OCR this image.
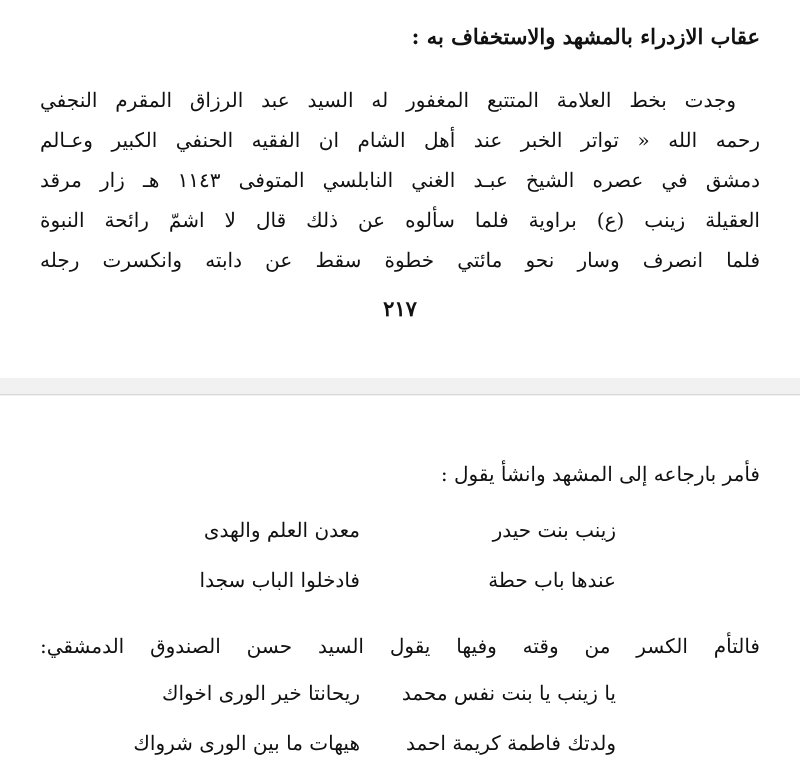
عقاب الازدراء بالمشهد والاستخفاف به :
وجدت بخط العلامة المتتبع المغفور له السيد عبد الرزاق المقرم النجفي
رحمه الله « تواتر الخبر عند أهل الشام ان الفقيه الحنفي الكبير وعـالم
دمشق في عصره الشيخ عبـد الغني النابلسي المتوفى ١١٤٣ هـ زار مرقد
العقيلة زينب (ع) براوية فلما سألوه عن ذلك قال لا اشمّ رائحة النبوة
فلما انصرف وسار نحو مائتي خطوة سقط عن دابته وانكسرت رجله
٢١٧
فأمر بارجاعه إلى المشهد وانشأ يقول :
زينب بنت حيدر
معدن العلم والهدى
عندها باب حطة
فادخلوا الباب سجدا
فالتأم الكسر من وقته وفيها يقول السيد حسن الصندوق الدمشقي:
يا زينب يا بنت نفس محمد
ريحانتا خير الورى اخواك
ولدتك فاطمة كريمة احمد
هيهات ما بين الورى شرواك
